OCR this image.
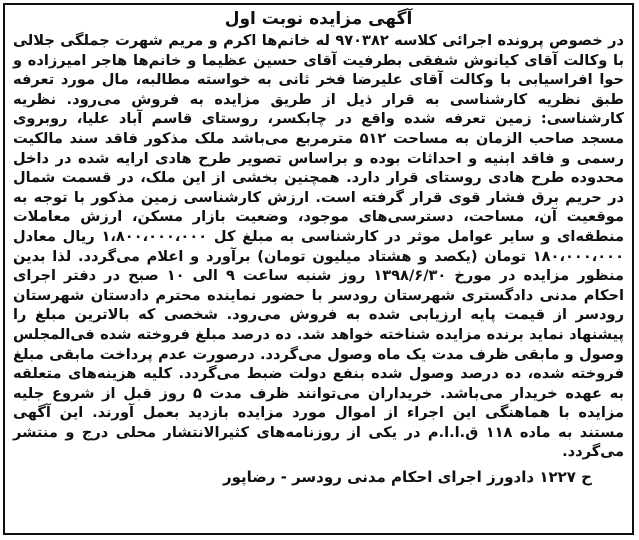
آگهی مزایده نوبت اول

در خصوص پرونده اجرائی کلاسه ۹۷۰۳۸۲ له خانم‌ها اکرم و مریم شهرت جملگی جلالی با وکالت آقای کیانوش شفقی بطرفیت آقای حسین عظیما و خانم‌ها هاجر امیرزاده و حوا افراسیابی با وکالت آقای علیرضا فخر ثانی به خواسته مطالبه، مال مورد تعرفه طبق نظریه کارشناسی به قرار ذیل از طریق مزایده به فروش می‌رود. نظریه کارشناسی: زمین تعرفه شده واقع در چابکسر، روستای قاسم آباد علیا، روبروی مسجد صاحب الزمان به مساحت ۵۱۲ مترمربع می‌باشد ملک مذکور فاقد سند مالکیت رسمی و فاقد ابنیه و احداثات بوده و براساس تصویر طرح هادی ارایه شده در داخل محدوده طرح هادی روستای قرار دارد. همچنین بخشی از این ملک، در قسمت شمال در حریم برق فشار قوی قرار گرفته است. ارزش کارشناسی زمین مذکور با توجه به موقعیت آن، مساحت، دسترسی‌های موجود، وضعیت بازار مسکن، ارزش معاملات منطقه‌ای و سایر عوامل موثر در کارشناسی به مبلغ کل ۱،۸۰۰،۰۰۰،۰۰۰ ریال معادل ۱۸۰،۰۰۰،۰۰۰ تومان (یکصد و هشتاد میلیون تومان) برآورد و اعلام می‌گردد. لذا بدین منظور مزایده در مورخ ۱۳۹۸/۶/۳۰ روز شنبه ساعت ۹ الی ۱۰ صبح در دفتر اجرای احکام مدنی دادگستری شهرستان رودسر با حضور نماینده محترم دادستان شهرستان رودسر از قیمت پایه ارزیابی شده به فروش می‌رود. شخصی که بالاترین مبلغ را پیشنهاد نماید برنده مزایده شناخته خواهد شد. ده درصد مبلغ فروخته شده فی‌المجلس وصول و مابقی ظرف مدت یک ماه وصول می‌گردد. درصورت عدم پرداخت مابقی مبلغ فروخته شده، ده درصد وصول شده بنفع دولت ضبط می‌گردد. کلیه هزینه‌های متعلقه به عهده خریدار می‌باشد. خریداران می‌توانند ظرف مدت ۵ روز قبل از شروع جلیه مزایده با هماهنگی این اجراء از اموال مورد مزایده بازدید بعمل آورند. این آگهی مستند به ماده ۱۱۸ ق.ا.ا.م در یکی از روزنامه‌های کثیرالانتشار محلی درج و منتشر می‌گردد.

ح ۱۲۲۷ دادورز اجرای احکام مدنی رودسر - رضاپور
